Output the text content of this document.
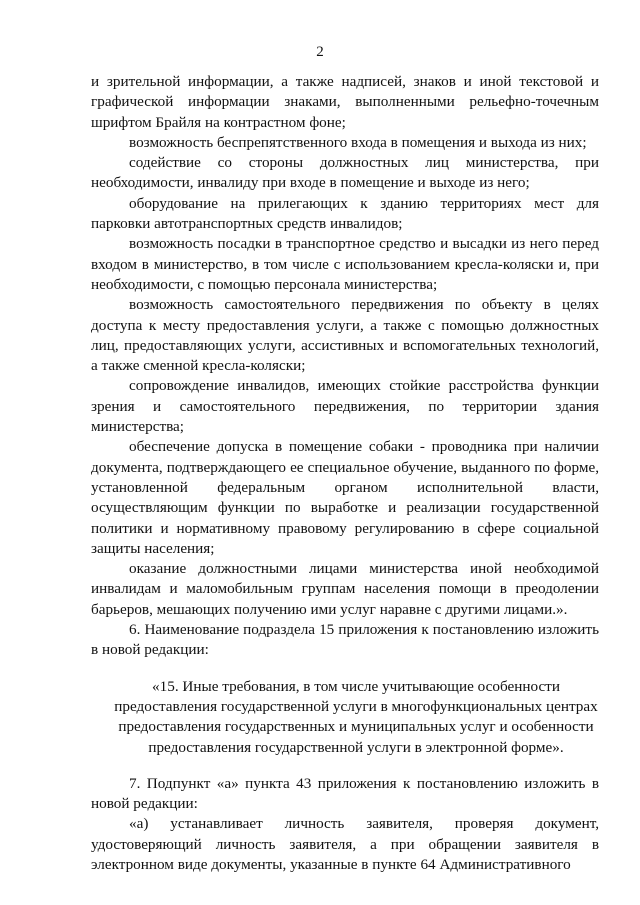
2

и зрительной информации, а также надписей, знаков и иной текстовой и графической информации знаками, выполненными рельефно-точечным шрифтом Брайля на контрастном фоне;

возможность беспрепятственного входа в помещения и выхода из них;

содействие со стороны должностных лиц министерства, при необходимости, инвалиду при входе в помещение и выходе из него;

оборудование на прилегающих к зданию территориях мест для парковки автотранспортных средств инвалидов;

возможность посадки в транспортное средство и высадки из него перед входом в министерство, в том числе с использованием кресла-коляски и, при необходимости, с помощью персонала министерства;

возможность самостоятельного передвижения по объекту в целях доступа к месту предоставления услуги, а также с помощью должностных лиц, предоставляющих услуги, ассистивных и вспомогательных технологий, а также сменной кресла-коляски;

сопровождение инвалидов, имеющих стойкие расстройства функции зрения и самостоятельного передвижения, по территории здания министерства;

обеспечение допуска в помещение собаки - проводника при наличии документа, подтверждающего ее специальное обучение, выданного по форме, установленной федеральным органом исполнительной власти, осуществляющим функции по выработке и реализации государственной политики и нормативному правовому регулированию в сфере социальной защиты населения;

оказание должностными лицами министерства иной необходимой инвалидам и маломобильным группам населения помощи в преодолении барьеров, мешающих получению ими услуг наравне с другими лицами.».

6. Наименование подраздела 15 приложения к постановлению изложить в новой редакции:

«15. Иные требования, в том числе учитывающие особенности предоставления государственной услуги в многофункциональных центрах предоставления государственных и муниципальных услуг и особенности предоставления государственной услуги в электронной форме».

7. Подпункт «а» пункта 43 приложения к постановлению изложить в новой редакции:

«а) устанавливает личность заявителя, проверяя документ, удостоверяющий личность заявителя, а при обращении заявителя в электронном виде документы, указанные в пункте 64 Административного
